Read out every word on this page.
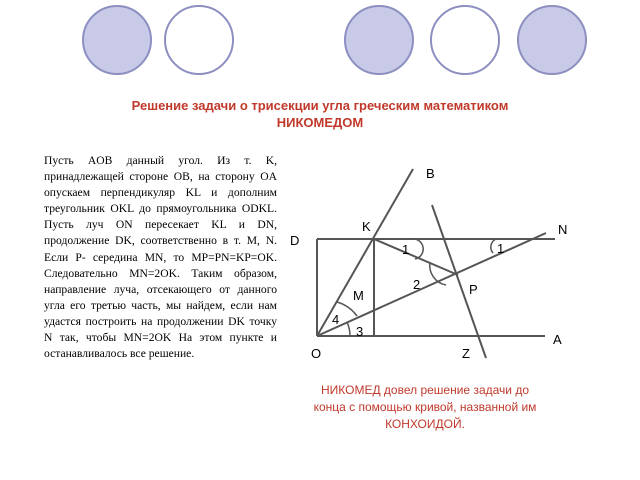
Решение задачи о трисекции угла греческим математиком
НИКОМЕДОМ
Пусть AOB данный угол. Из т. K, принадлежащей стороне OB, на сторону OA опускаем перпендикуляр KL и дополним треугольник OKL до прямоугольника ODKL. Пусть луч ON пересекает KL и DN, продолжение DK, соответственно в т. M, N. Если P- середина MN, то MP=PN=KP=OK. Следовательно MN=2OK. Таким образом, направление луча, отсекающего от данного угла его третью часть, мы найдем, если нам удастся построить на продолжении DK точку N так, чтобы MN=2OK На этом пункте и останавливалось все решение.
B
K	N
D
1	1
2	P
M
4
3
A
Z
O
НИКОМЕД довел решение задачи до конца с помощью кривой, названной им КОНХОИДОЙ.
